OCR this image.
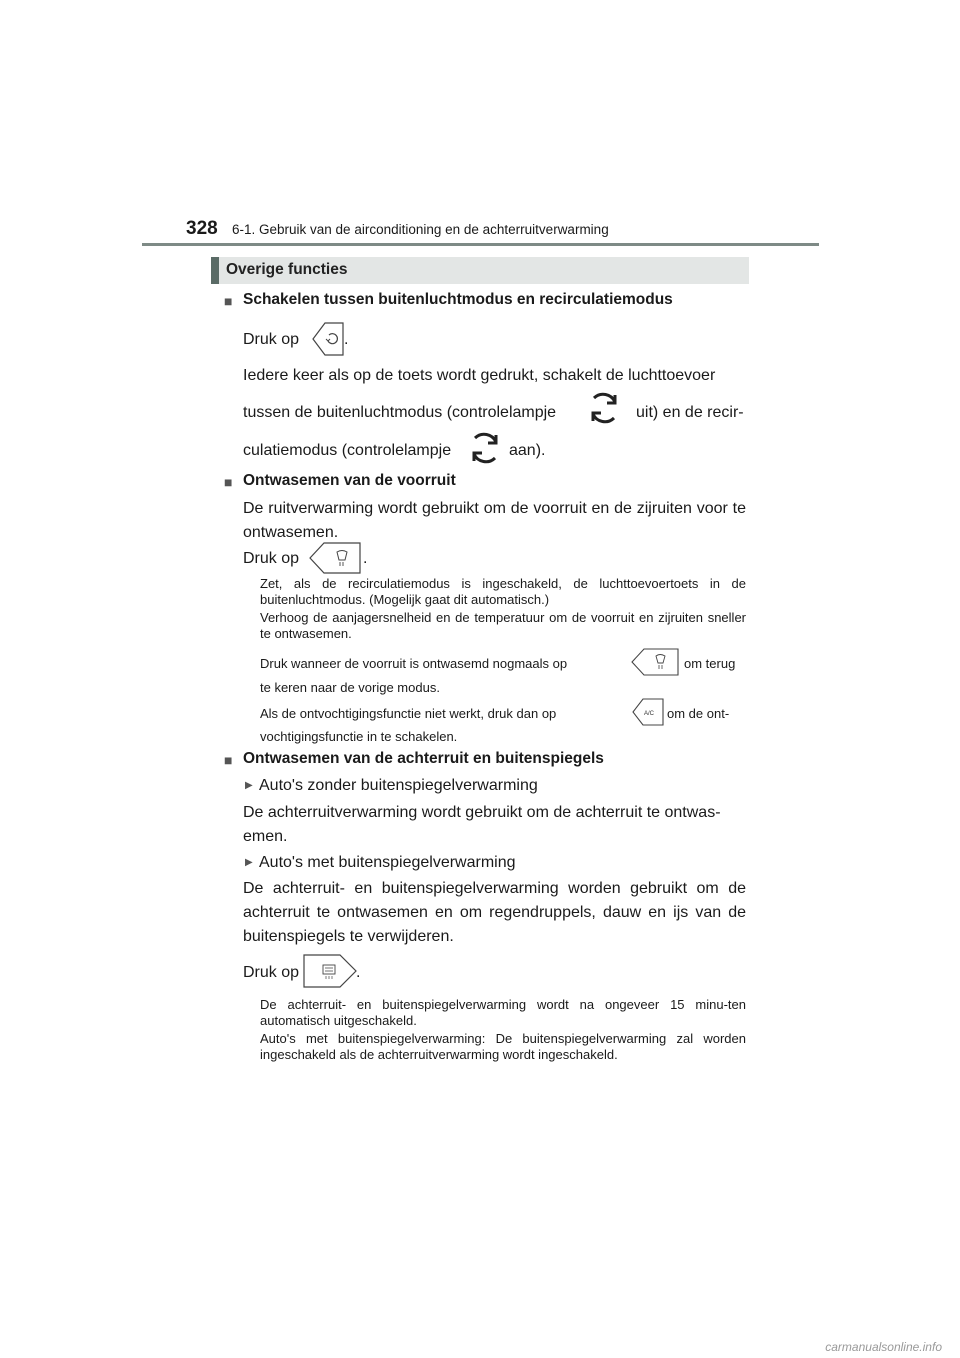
328 6-1. Gebruik van de airconditioning en de achterruitverwarming
Overige functies
■ Schakelen tussen buitenluchtmodus en recirculatiemodus
Druk op	.
Iedere keer als op de toets wordt gedrukt, schakelt de luchttoevoer
tussen de buitenluchtmodus (controlelampje	uit) en de recir-
culatiemodus (controlelampje	aan).
■ Ontwasemen van de voorruit
De ruitverwarming wordt gebruikt om de voorruit en de zijruiten voor te ontwasemen.
Druk op	.
Zet, als de recirculatiemodus is ingeschakeld, de luchttoevoertoets in de buitenluchtmodus. (Mogelijk gaat dit automatisch.)
Verhoog de aanjagersnelheid en de temperatuur om de voorruit en zijruiten sneller te ontwasemen.
Druk wanneer de voorruit is ontwasemd nogmaals op	om terug
te keren naar de vorige modus.
Als de ontvochtigingsfunctie niet werkt, druk dan op	A/C om de ont-
vochtigingsfunctie in te schakelen.
■ Ontwasemen van de achterruit en buitenspiegels
▶ Auto's zonder buitenspiegelverwarming
De achterruitverwarming wordt gebruikt om de achterruit te ontwas-emen.
▶ Auto's met buitenspiegelverwarming
De achterruit- en buitenspiegelverwarming worden gebruikt om de achterruit te ontwasemen en om regendruppels, dauw en ijs van de buitenspiegels te verwijderen.
Druk op	.
De achterruit- en buitenspiegelverwarming wordt na ongeveer 15 minu-ten automatisch uitgeschakeld.
Auto's met buitenspiegelverwarming: De buitenspiegelverwarming zal worden ingeschakeld als de achterruitverwarming wordt ingeschakeld.
carmanualsonline.info
